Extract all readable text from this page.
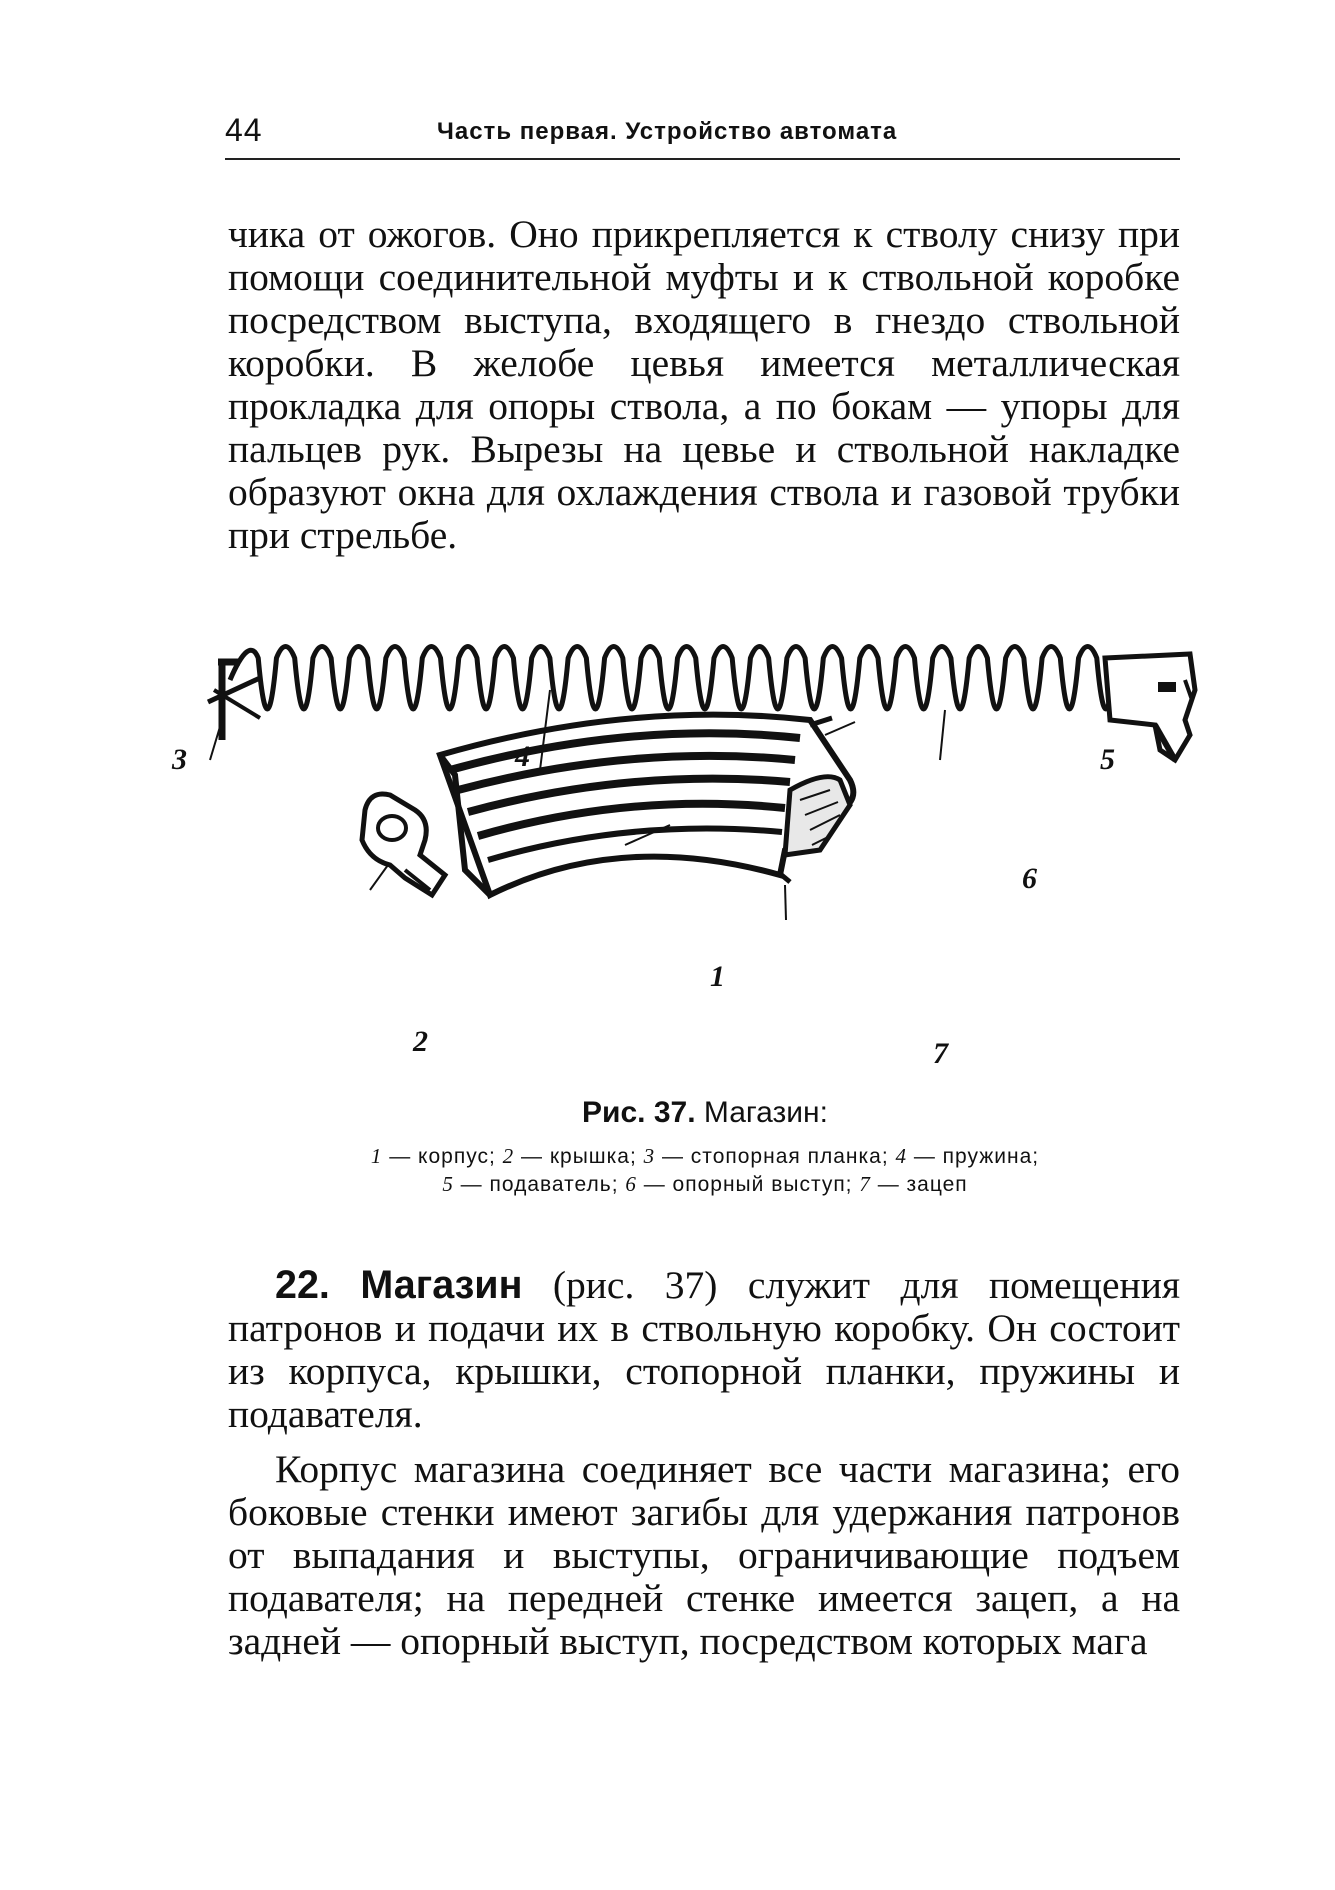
44	Часть первая. Устройство автомата

чика от ожогов. Оно прикрепляется к стволу снизу при помощи соединительной муфты и к ствольной коробке посредством выступа, входящего в гнездо ствольной коробки. В желобе цевья имеется металлическая прокладка для опоры ствола, а по бокам — упоры для пальцев рук. Вырезы на цевье и ствольной накладке образуют окна для охлаждения ствола и газовой трубки при стрельбе.

3	4	5
6
1
2	7
Рис. 37. Магазин:
1 — корпус; 2 — крышка; 3 — стопорная планка; 4 — пружина;
5 — подаватель; 6 — опорный выступ; 7 — зацеп

22. Магазин (рис. 37) служит для помещения патронов и подачи их в ствольную коробку. Он состоит из корпуса, крышки, стопорной планки, пружины и подавателя.

Корпус магазина соединяет все части магазина; его боковые стенки имеют загибы для удержания патронов от выпадания и выступы, ограничивающие подъем подавателя; на передней стенке имеется зацеп, а на задней — опорный выступ, посредством которых мага
